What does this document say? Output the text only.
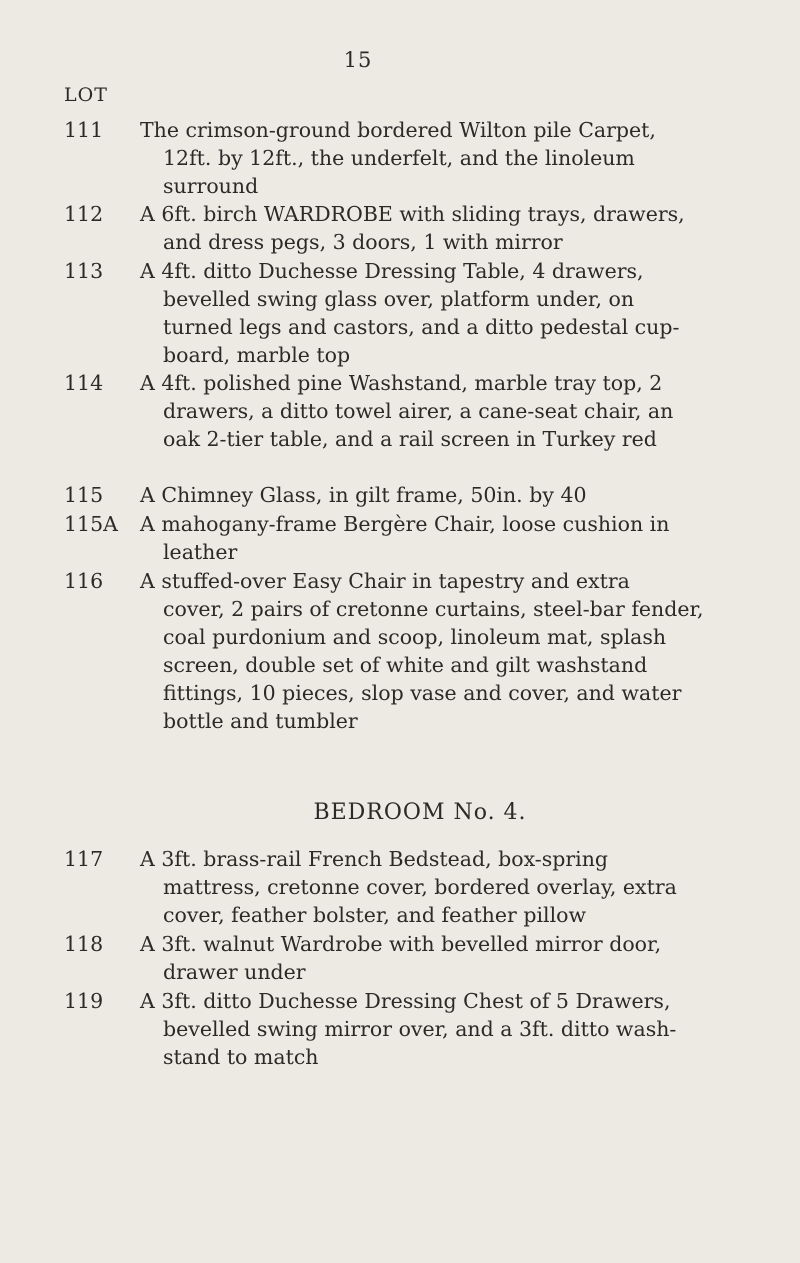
15
LOT
111	The crimson-ground bordered Wilton pile Carpet,
12ft. by 12ft., the underfelt, and the linoleum
surround
112	A 6ft. birch WARDROBE with sliding trays, drawers,
and dress pegs, 3 doors, 1 with mirror
113	A 4ft. ditto Duchesse Dressing Table, 4 drawers,
bevelled swing glass over, platform under, on
turned legs and castors, and a ditto pedestal cup-
board, marble top
114	A 4ft. polished pine Washstand, marble tray top, 2
drawers, a ditto towel airer, a cane-seat chair, an
oak 2-tier table, and a rail screen in Turkey red
115	A Chimney Glass, in gilt frame, 50in. by 40
115A A mahogany-frame Bergère Chair, loose cushion in
leather
116	A stuffed-over Easy Chair in tapestry and extra
cover, 2 pairs of cretonne curtains, steel-bar fender,
coal purdonium and scoop, linoleum mat, splash
screen, double set of white and gilt washstand
fittings, 10 pieces, slop vase and cover, and water
bottle and tumbler
BEDROOM No. 4.
117	A 3ft. brass-rail French Bedstead, box-spring
mattress, cretonne cover, bordered overlay, extra
cover, feather bolster, and feather pillow
118	A 3ft. walnut Wardrobe with bevelled mirror door,
drawer under
119	A 3ft. ditto Duchesse Dressing Chest of 5 Drawers,
bevelled swing mirror over, and a 3ft. ditto wash-
stand to match
